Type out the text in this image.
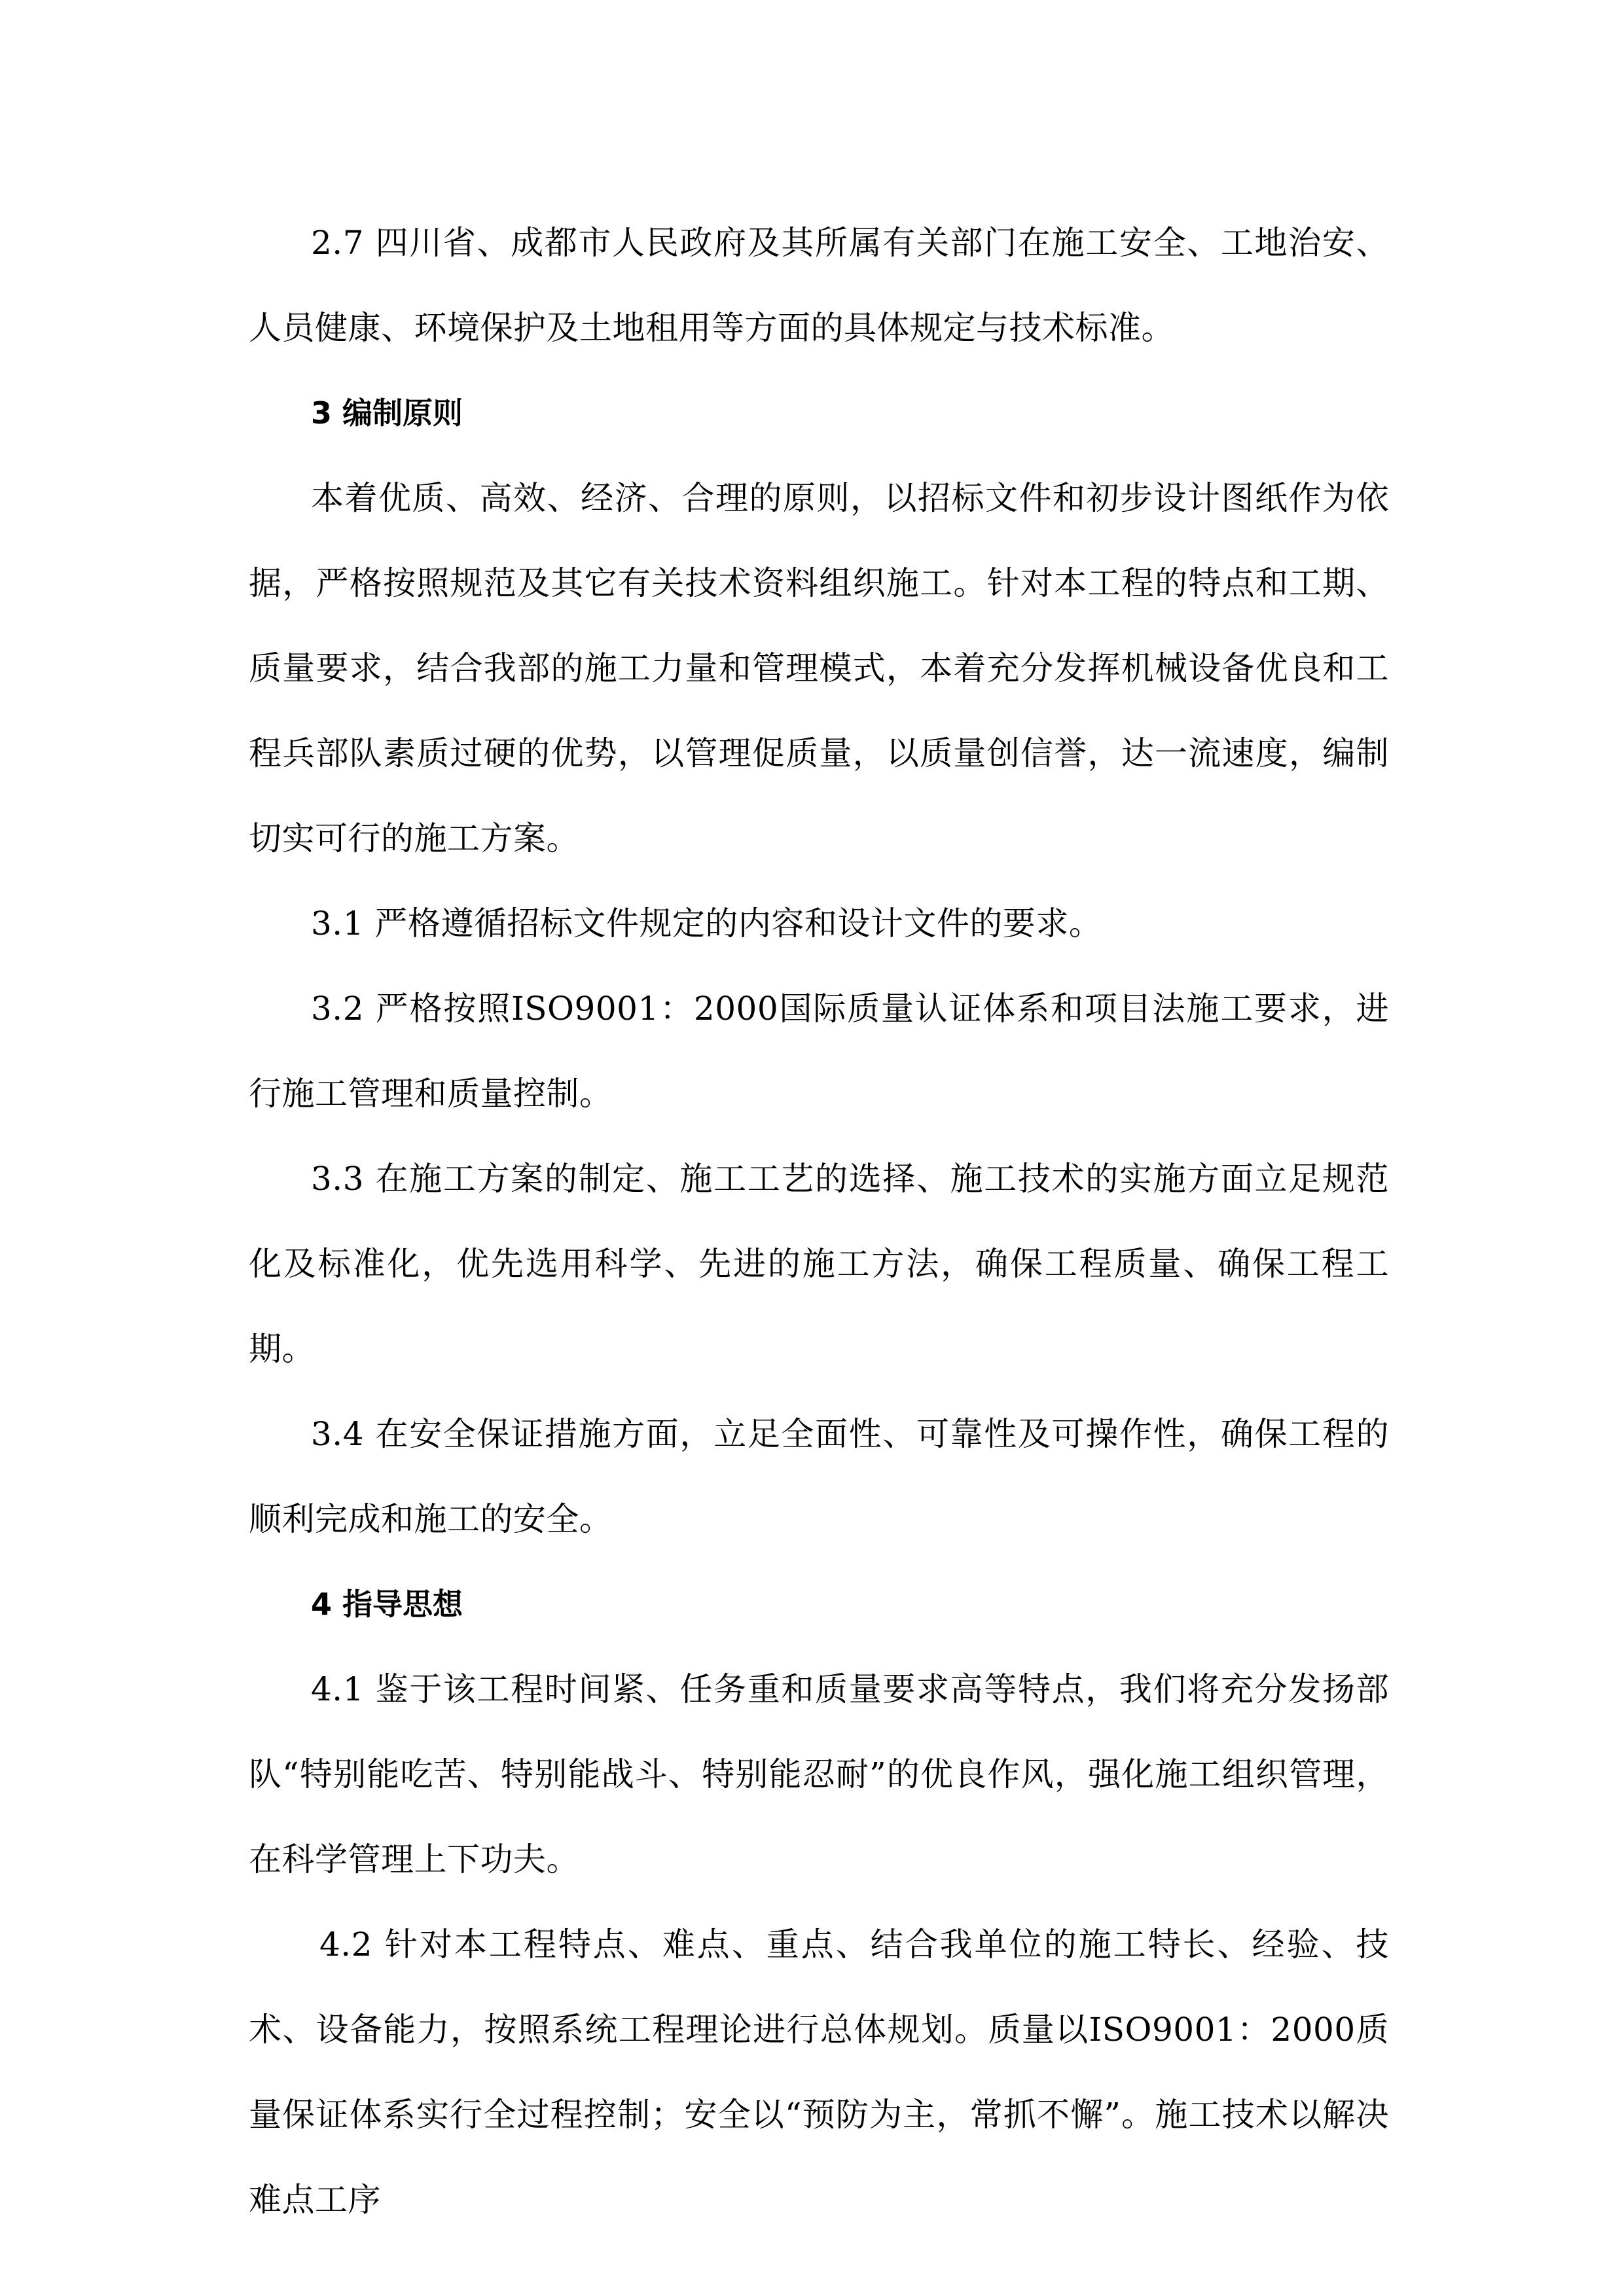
2.7 四川省、成都市人民政府及其所属有关部门在施工安全、工地治安、人员健康、环境保护及土地租用等方面的具体规定与技术标准。

3 编制原则

本着优质、高效、经济、合理的原则，以招标文件和初步设计图纸作为依据，严格按照规范及其它有关技术资料组织施工。针对本工程的特点和工期、质量要求，结合我部的施工力量和管理模式，本着充分发挥机械设备优良和工程兵部队素质过硬的优势，以管理促质量，以质量创信誉，达一流速度，编制切实可行的施工方案。

3.1 严格遵循招标文件规定的内容和设计文件的要求。

3.2 严格按照ISO9001：2000国际质量认证体系和项目法施工要求，进行施工管理和质量控制。

3.3 在施工方案的制定、施工工艺的选择、施工技术的实施方面立足规范化及标准化，优先选用科学、先进的施工方法，确保工程质量、确保工程工期。

3.4 在安全保证措施方面，立足全面性、可靠性及可操作性，确保工程的顺利完成和施工的安全。

4 指导思想

4.1 鉴于该工程时间紧、任务重和质量要求高等特点，我们将充分发扬部队“特别能吃苦、特别能战斗、特别能忍耐”的优良作风，强化施工组织管理，在科学管理上下功夫。

4.2 针对本工程特点、难点、重点、结合我单位的施工特长、经验、技术、设备能力，按照系统工程理论进行总体规划。质量以ISO9001：2000质量保证体系实行全过程控制；安全以“预防为主，常抓不懈”。施工技术以解决难点工序
